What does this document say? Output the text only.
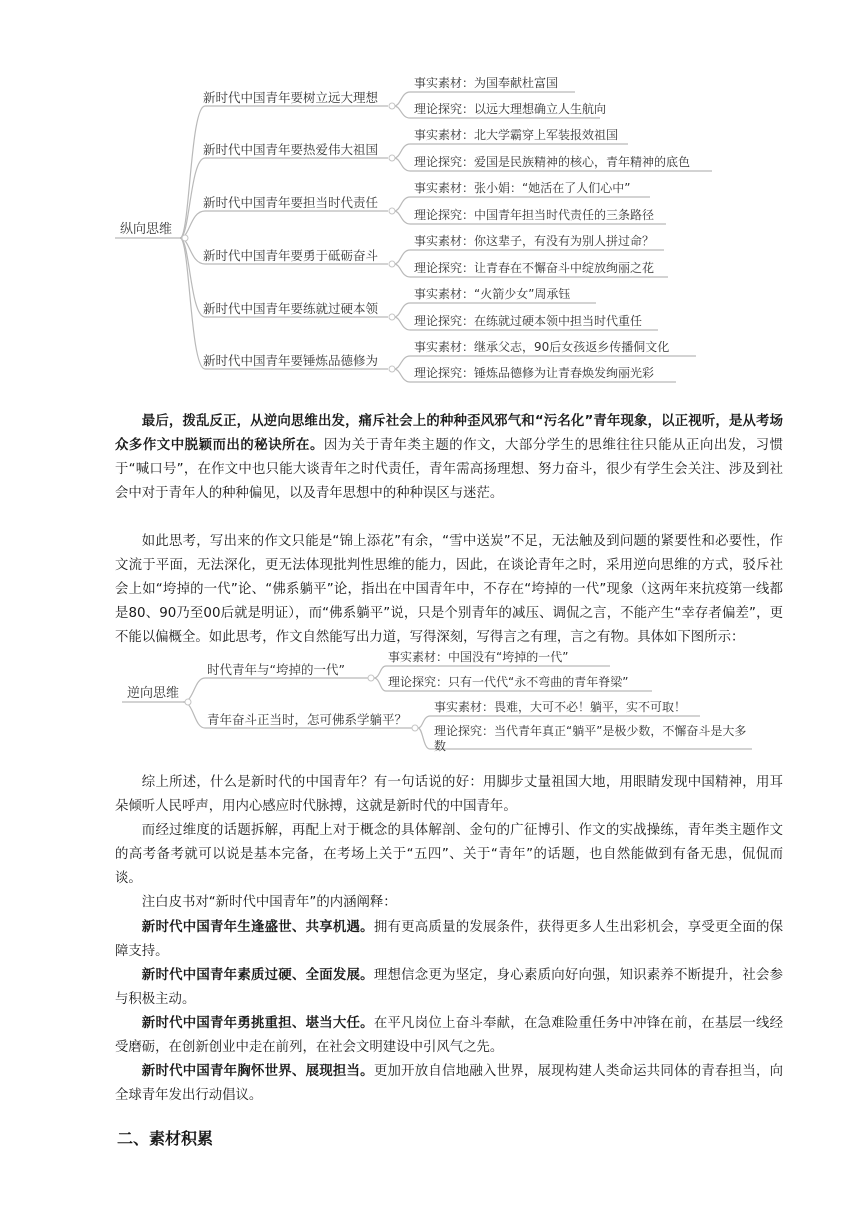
纵向思维
新时代中国青年要树立远大理想
事实素材：为国奉献杜富国
理论探究：以远大理想确立人生航向
新时代中国青年要热爱伟大祖国
事实素材：北大学霸穿上军装报效祖国
理论探究：爱国是民族精神的核心，青年精神的底色
新时代中国青年要担当时代责任
事实素材：张小娟：“她活在了人们心中”
理论探究：中国青年担当时代责任的三条路径
新时代中国青年要勇于砥砺奋斗
事实素材：你这辈子，有没有为别人拼过命？
理论探究：让青春在不懈奋斗中绽放绚丽之花
新时代中国青年要练就过硬本领
事实素材：“火箭少女”周承钰
理论探究：在练就过硬本领中担当时代重任
新时代中国青年要锤炼品德修为
事实素材：继承父志，90后女孩返乡传播侗文化
理论探究：锤炼品德修为让青春焕发绚丽光彩

最后，拨乱反正，从逆向思维出发，痛斥社会上的种种歪风邪气和“污名化”青年现象，以正视听，是从考场众多作文中脱颖而出的秘诀所在。因为关于青年类主题的作文，大部分学生的思维往往只能从正向出发，习惯于“喊口号”，在作文中也只能大谈青年之时代责任，青年需高扬理想、努力奋斗，很少有学生会关注、涉及到社会中对于青年人的种种偏见，以及青年思想中的种种误区与迷茫。

如此思考，写出来的作文只能是“锦上添花”有余，“雪中送炭”不足，无法触及到问题的紧要性和必要性，作文流于平面，无法深化，更无法体现批判性思维的能力，因此，在谈论青年之时，采用逆向思维的方式，驳斥社会上如“垮掉的一代”论、“佛系躺平”论，指出在中国青年中，不存在“垮掉的一代”现象（这两年来抗疫第一线都是80、90乃至00后就是明证），而“佛系躺平”说，只是个别青年的减压、调侃之言，不能产生“幸存者偏差”，更不能以偏概全。如此思考，作文自然能写出力道，写得深刻，写得言之有理，言之有物。具体如下图所示：

逆向思维
时代青年与“垮掉的一代”
事实素材：中国没有“垮掉的一代”
理论探究：只有一代代“永不弯曲的青年脊梁”
青年奋斗正当时，怎可佛系学躺平？
事实素材：畏难，大可不必！躺平，实不可取！
理论探究：当代青年真正“躺平”是极少数，不懈奋斗是大多数

综上所述，什么是新时代的中国青年？有一句话说的好：用脚步丈量祖国大地，用眼睛发现中国精神，用耳朵倾听人民呼声，用内心感应时代脉搏，这就是新时代的中国青年。

而经过维度的话题拆解，再配上对于概念的具体解剖、金句的广征博引、作文的实战操练，青年类主题作文的高考备考就可以说是基本完备，在考场上关于“五四”、关于“青年”的话题，也自然能做到有备无患，侃侃而谈。

注白皮书对“新时代中国青年”的内涵阐释：

新时代中国青年生逢盛世、共享机遇。拥有更高质量的发展条件，获得更多人生出彩机会，享受更全面的保障支持。

新时代中国青年素质过硬、全面发展。理想信念更为坚定，身心素质向好向强，知识素养不断提升，社会参与积极主动。

新时代中国青年勇挑重担、堪当大任。在平凡岗位上奋斗奉献，在急难险重任务中冲锋在前，在基层一线经受磨砺，在创新创业中走在前列，在社会文明建设中引风气之先。

新时代中国青年胸怀世界、展现担当。更加开放自信地融入世界，展现构建人类命运共同体的青春担当，向全球青年发出行动倡议。

二、素材积累
